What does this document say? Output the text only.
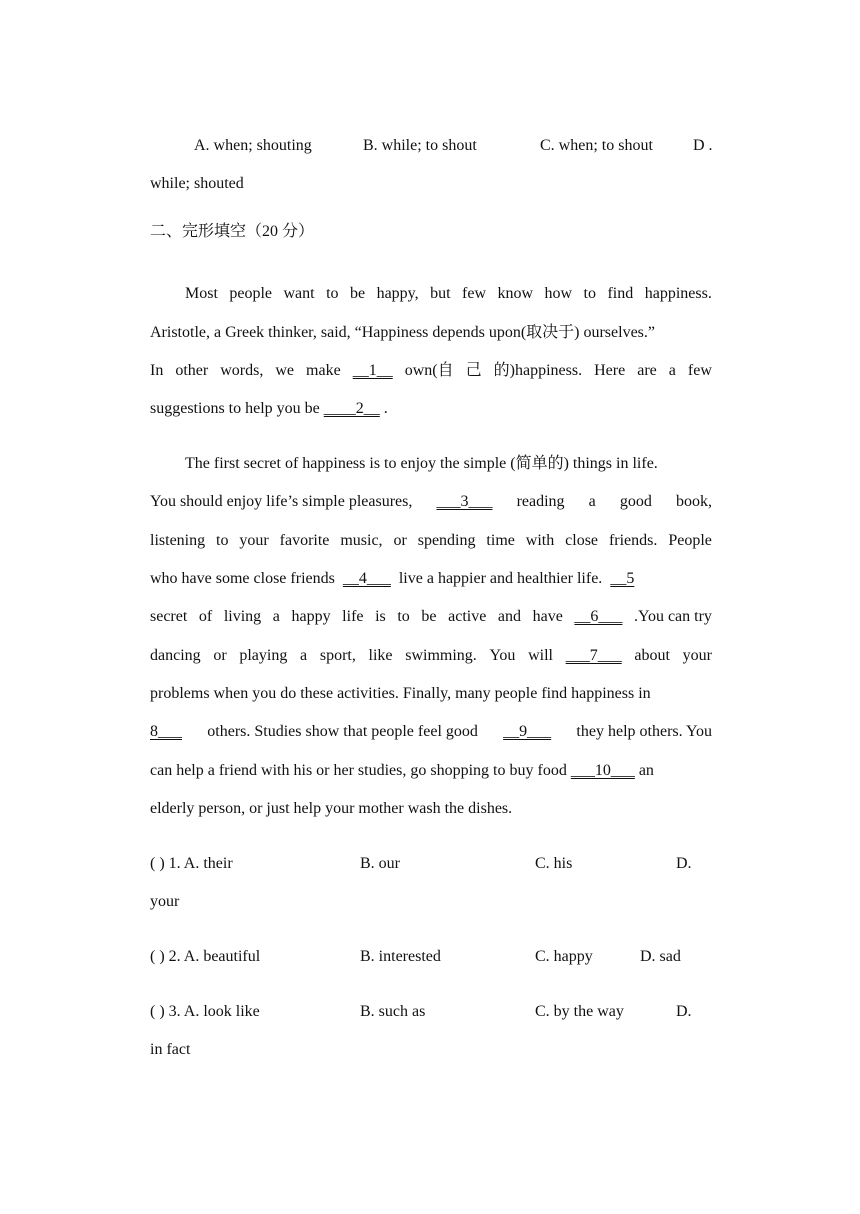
A. when; shouting	B. while; to shout	C. when; to shout	D .
while; shouted
二、完形填空（20 分）
Most people want to be happy, but few know how to find happiness.
Aristotle, a Greek thinker, said, “Happiness depends upon(取决于) ourselves.”
In other words, we make __1__ own(自 己 的)happiness. Here are a few
suggestions to help you be ____2__ .
The first secret of happiness is to enjoy the simple (简单的) things in life.
You should enjoy life’s simple pleasures, ___3___ reading a good book,
listening to your favorite music, or spending time with close friends. People
who have some close friends __4___ live a happier and healthier life. __5
secret of living a happy life is to be active and have __6___ .You can try
dancing or playing a sport, like swimming. You will ___7___ about your
problems when you do these activities. Finally, many people find happiness in
8___ others. Studies show that people feel good __9___ they help others. You
can help a friend with his or her studies, go shopping to buy food ___10___ an
elderly person, or just help your mother wash the dishes.
( ) 1. A. their	B. our	C. his	D.
your
( ) 2. A. beautiful	B. interested	C. happy	D. sad
( ) 3. A. look like	B. such as	C. by the way	D.
in fact
